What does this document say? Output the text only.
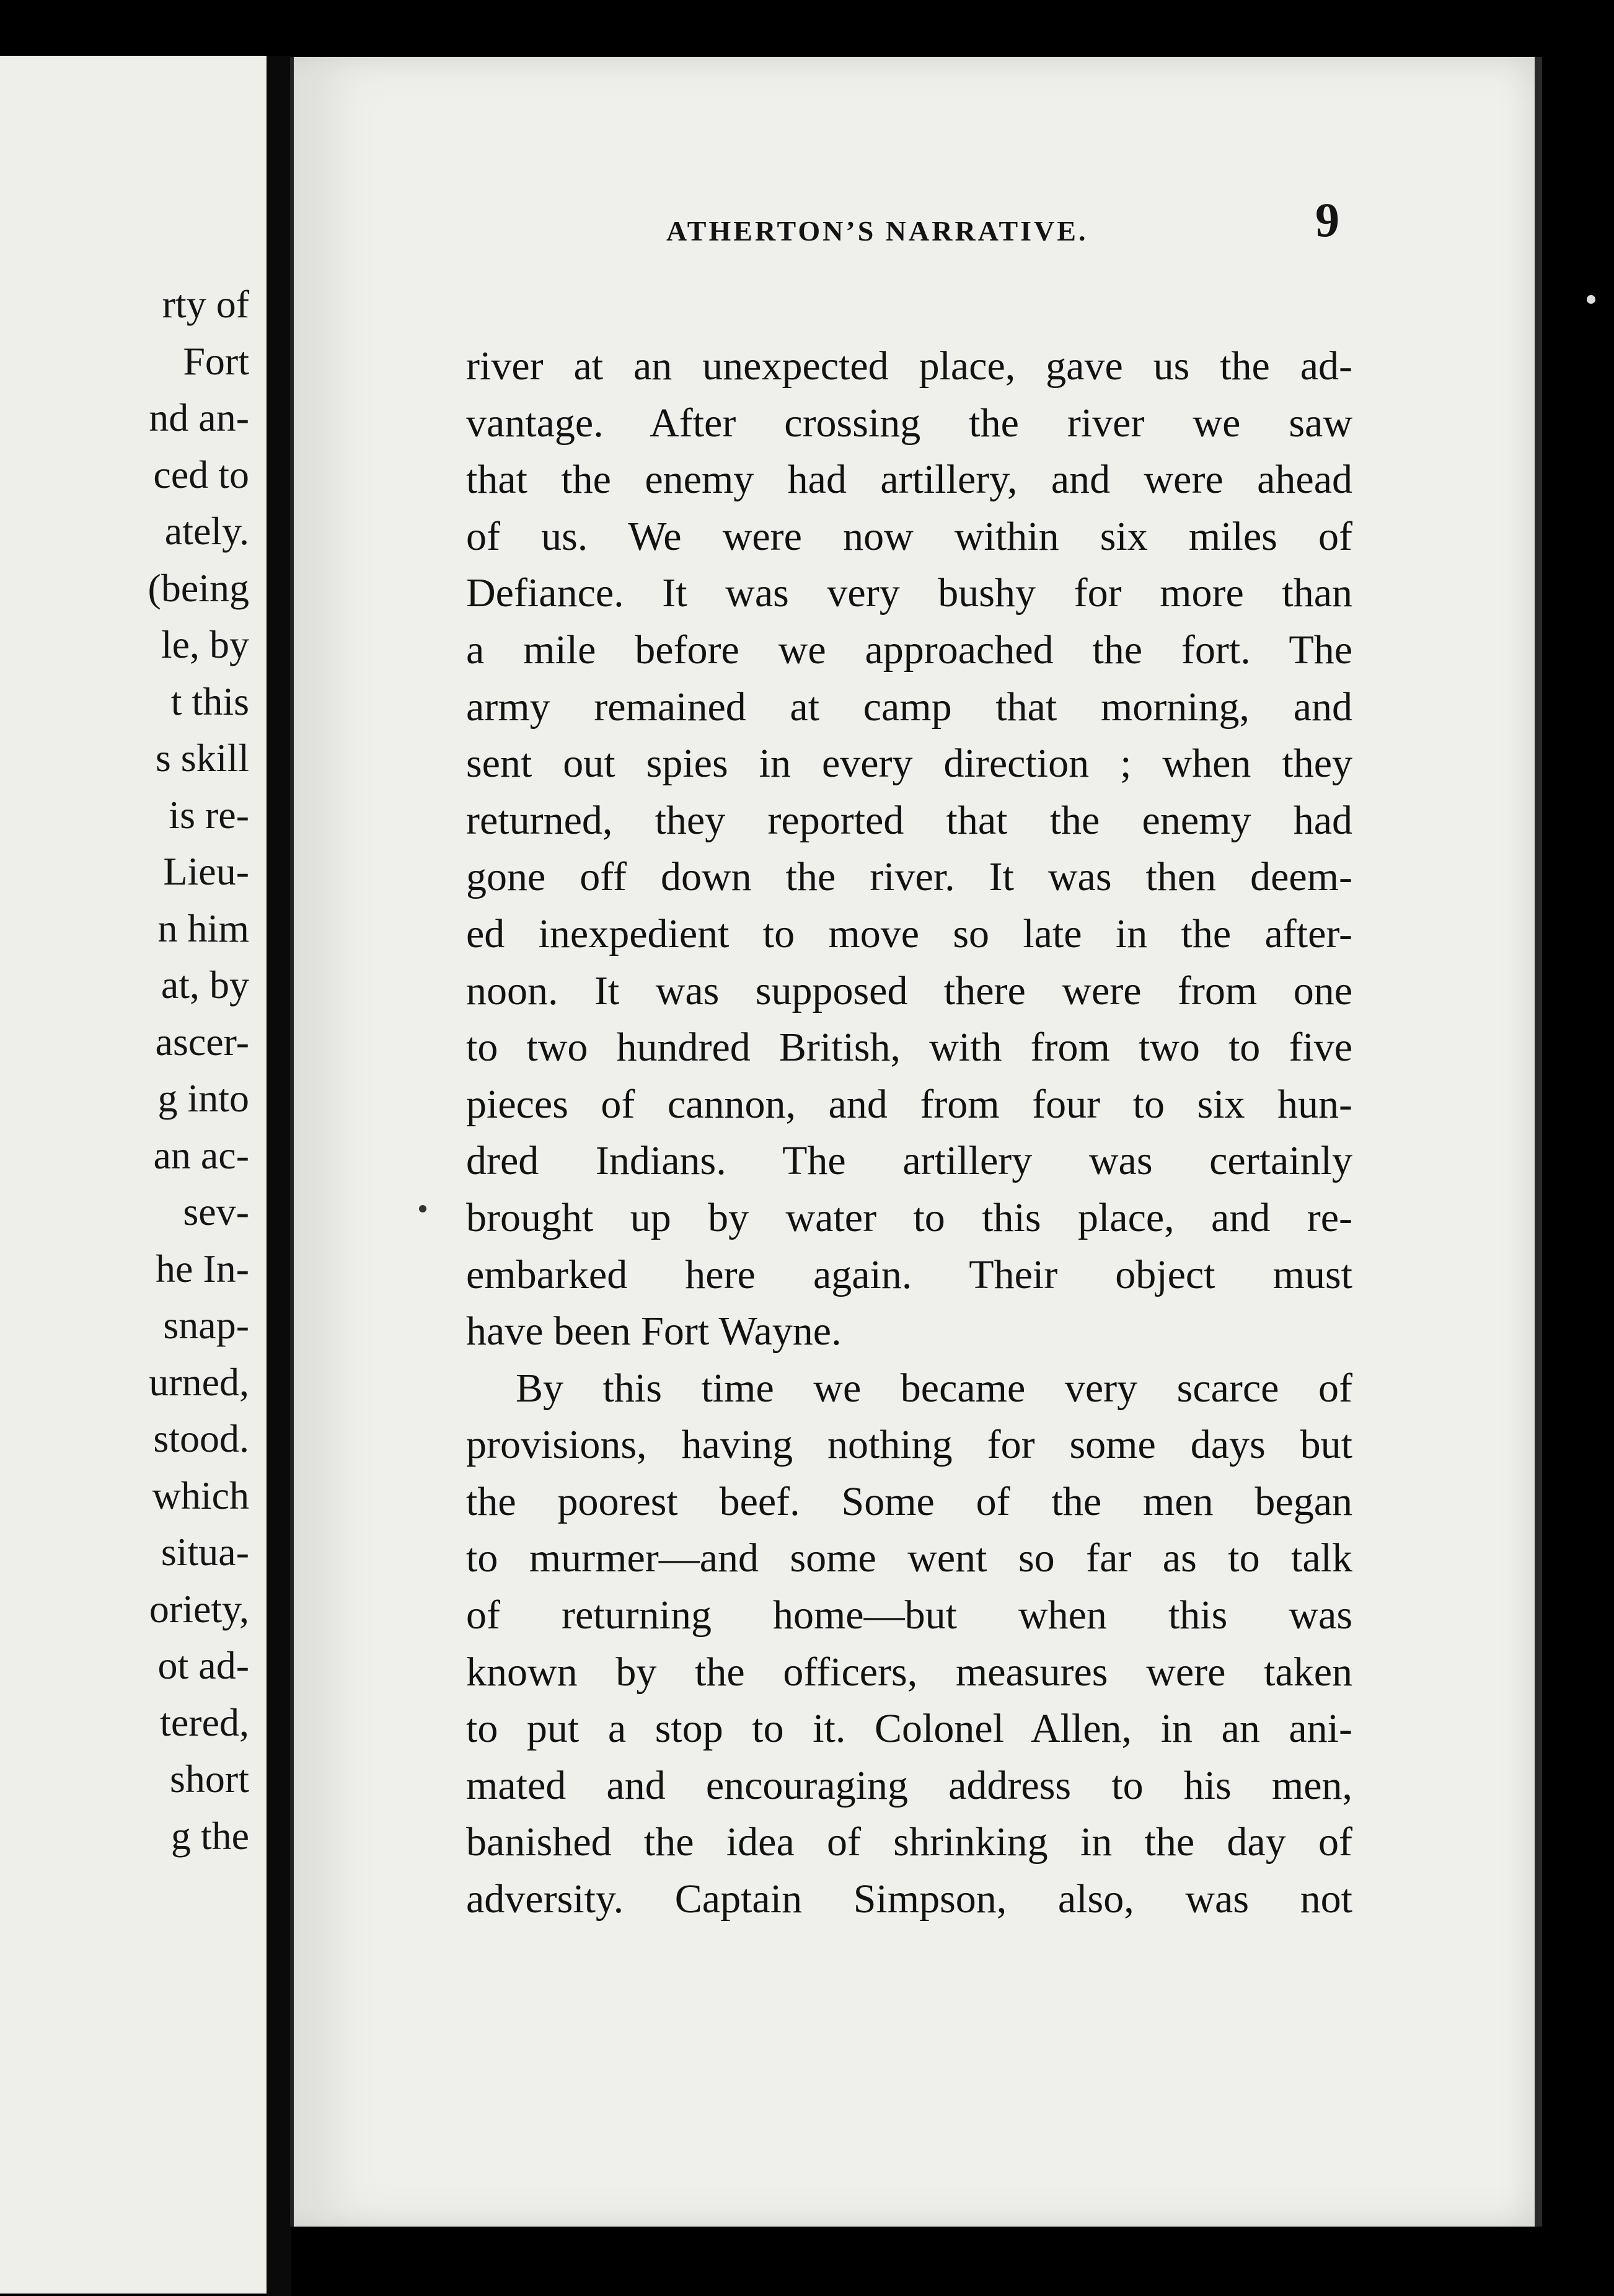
rty of
Fort
nd an-
ced to
ately.
(being
le, by
t this
s skill
is re-
Lieu-
n him
at, by
ascer-
g into
an ac-
sev-
he In-
snap-
urned,
stood.
which
situa-
oriety,
ot ad-
tered,
short
g the
ATHERTON’S NARRATIVE.	9
river at an unexpected place, gave us the ad-
vantage. After crossing the river we saw
that the enemy had artillery, and were ahead
of us. We were now within six miles of
Defiance. It was very bushy for more than
a mile before we approached the fort. The
army remained at camp that morning, and
sent out spies in every direction ; when they
returned, they reported that the enemy had
gone off down the river. It was then deem-
ed inexpedient to move so late in the after-
noon. It was supposed there were from one
to two hundred British, with from two to five
pieces of cannon, and from four to six hun-
dred Indians. The artillery was certainly
brought up by water to this place, and re-
embarked here again. Their object must
have been Fort Wayne.
By this time we became very scarce of
provisions, having nothing for some days but
the poorest beef. Some of the men began
to murmer—and some went so far as to talk
of returning home—but when this was
known by the officers, measures were taken
to put a stop to it. Colonel Allen, in an ani-
mated and encouraging address to his men,
banished the idea of shrinking in the day of
adversity. Captain Simpson, also, was not
